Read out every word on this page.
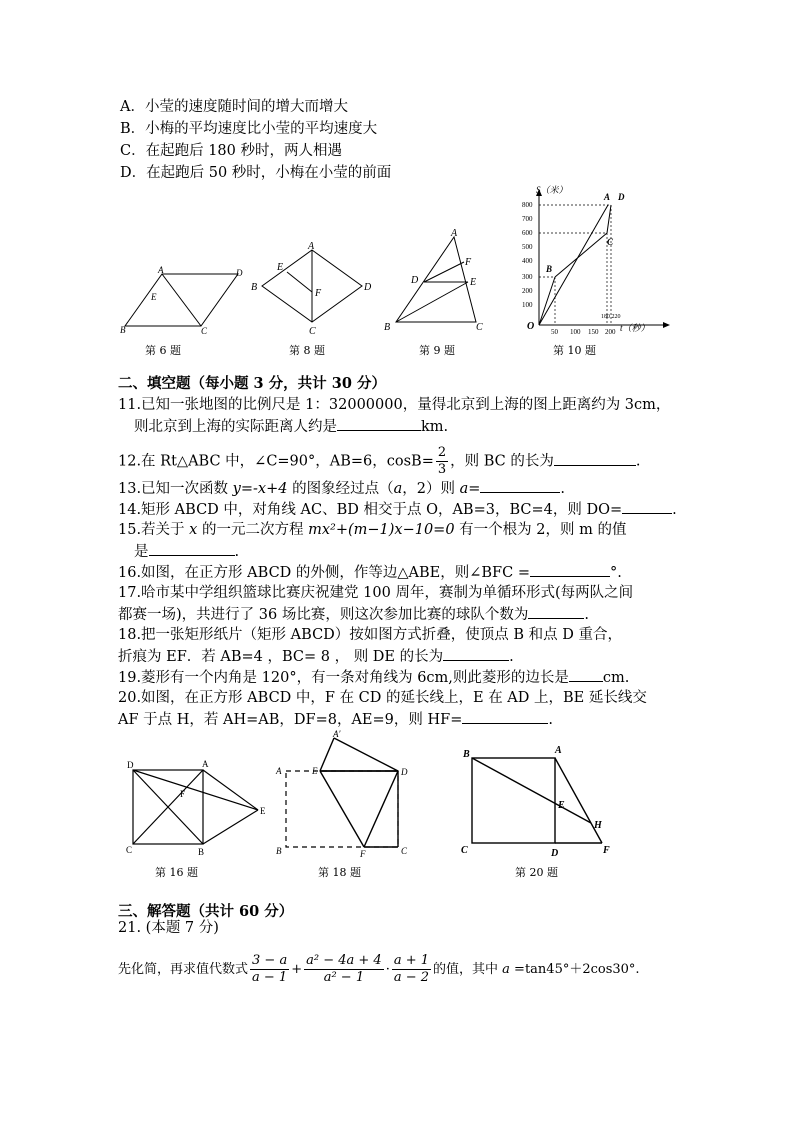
A．小莹的速度随时间的增大而增大
B．小梅的平均速度比小莹的平均速度大
C．在起跑后 180 秒时，两人相遇
D．在起跑后 50 秒时，小梅在小莹的前面
A	D
B	C
E
第 6 题
A
B
C
D
E
F
第 8 题
A
B	C
D	E
F
第 9 题
800
700
600
500
400
300
200
100
50 100 150 200
180 220
S（米）
t（秒）
O
A
B
C
D
第 10 题
二、填空题（每小题 3 分，共计 30 分）
11.已知一张地图的比例尺是 1：32000000，量得北京到上海的图上距离约为 3cm，
则北京到上海的实际距离人约是	km.
12.在 Rt△ABC 中，∠C=90°，AB=6，$\cos B= \frac{2}{3}$ ，则 BC 的长为	.
13.已知一次函数 y=-x+4 的图象经过点（a，2）则 a=	.
14.矩形 ABCD 中，对角线 AC、BD 相交于点 O，AB=3，BC=4，则 DO=	.
15.若关于 x 的一元二次方程 mx²+(m−1)x−10=0 有一个根为 2，则 m 的值
是	.
16.如图，在正方形 ABCD 的外侧，作等边△ABE，则∠BFC =	°.
17.哈市某中学组织篮球比赛庆祝建党 100 周年，赛制为单循环形式(每两队之间
都赛一场)，共进行了 36 场比赛，则这次参加比赛的球队个数为	.
18.把一张矩形纸片（矩形 ABCD）按如图方式折叠，使顶点 B 和点 D 重合，
折痕为 EF．若 AB=4 ，BC= 8 ， 则 DE 的长为	.
19.菱形有一个内角是 120°，有一条对角线为 6cm,则此菱形的边长是 cm.
20.如图，在正方形 ABCD 中，F 在 CD 的延长线上，E 在 AD 上，BE 延长线交
AF 于点 H，若 AH=AB，DF=8，AE=9，则 HF=	.
D	A
C	B
E
F
第 16 题
A
A′
E	D
B	F	C
第 18 题
B	A
E
H
C	D	F
第 20 题
三、解答题（共计 60 分）
21. (本题 7 分)
先化简，再求值代数式 $\frac{3 - a}{a - 1} + \frac{\text{a² − 4a + 4}}{\text{a² − 1}} \cdot \frac{a + 1}{a - 2}$ 的值，其中 a =tan45°＋2cos30°.
